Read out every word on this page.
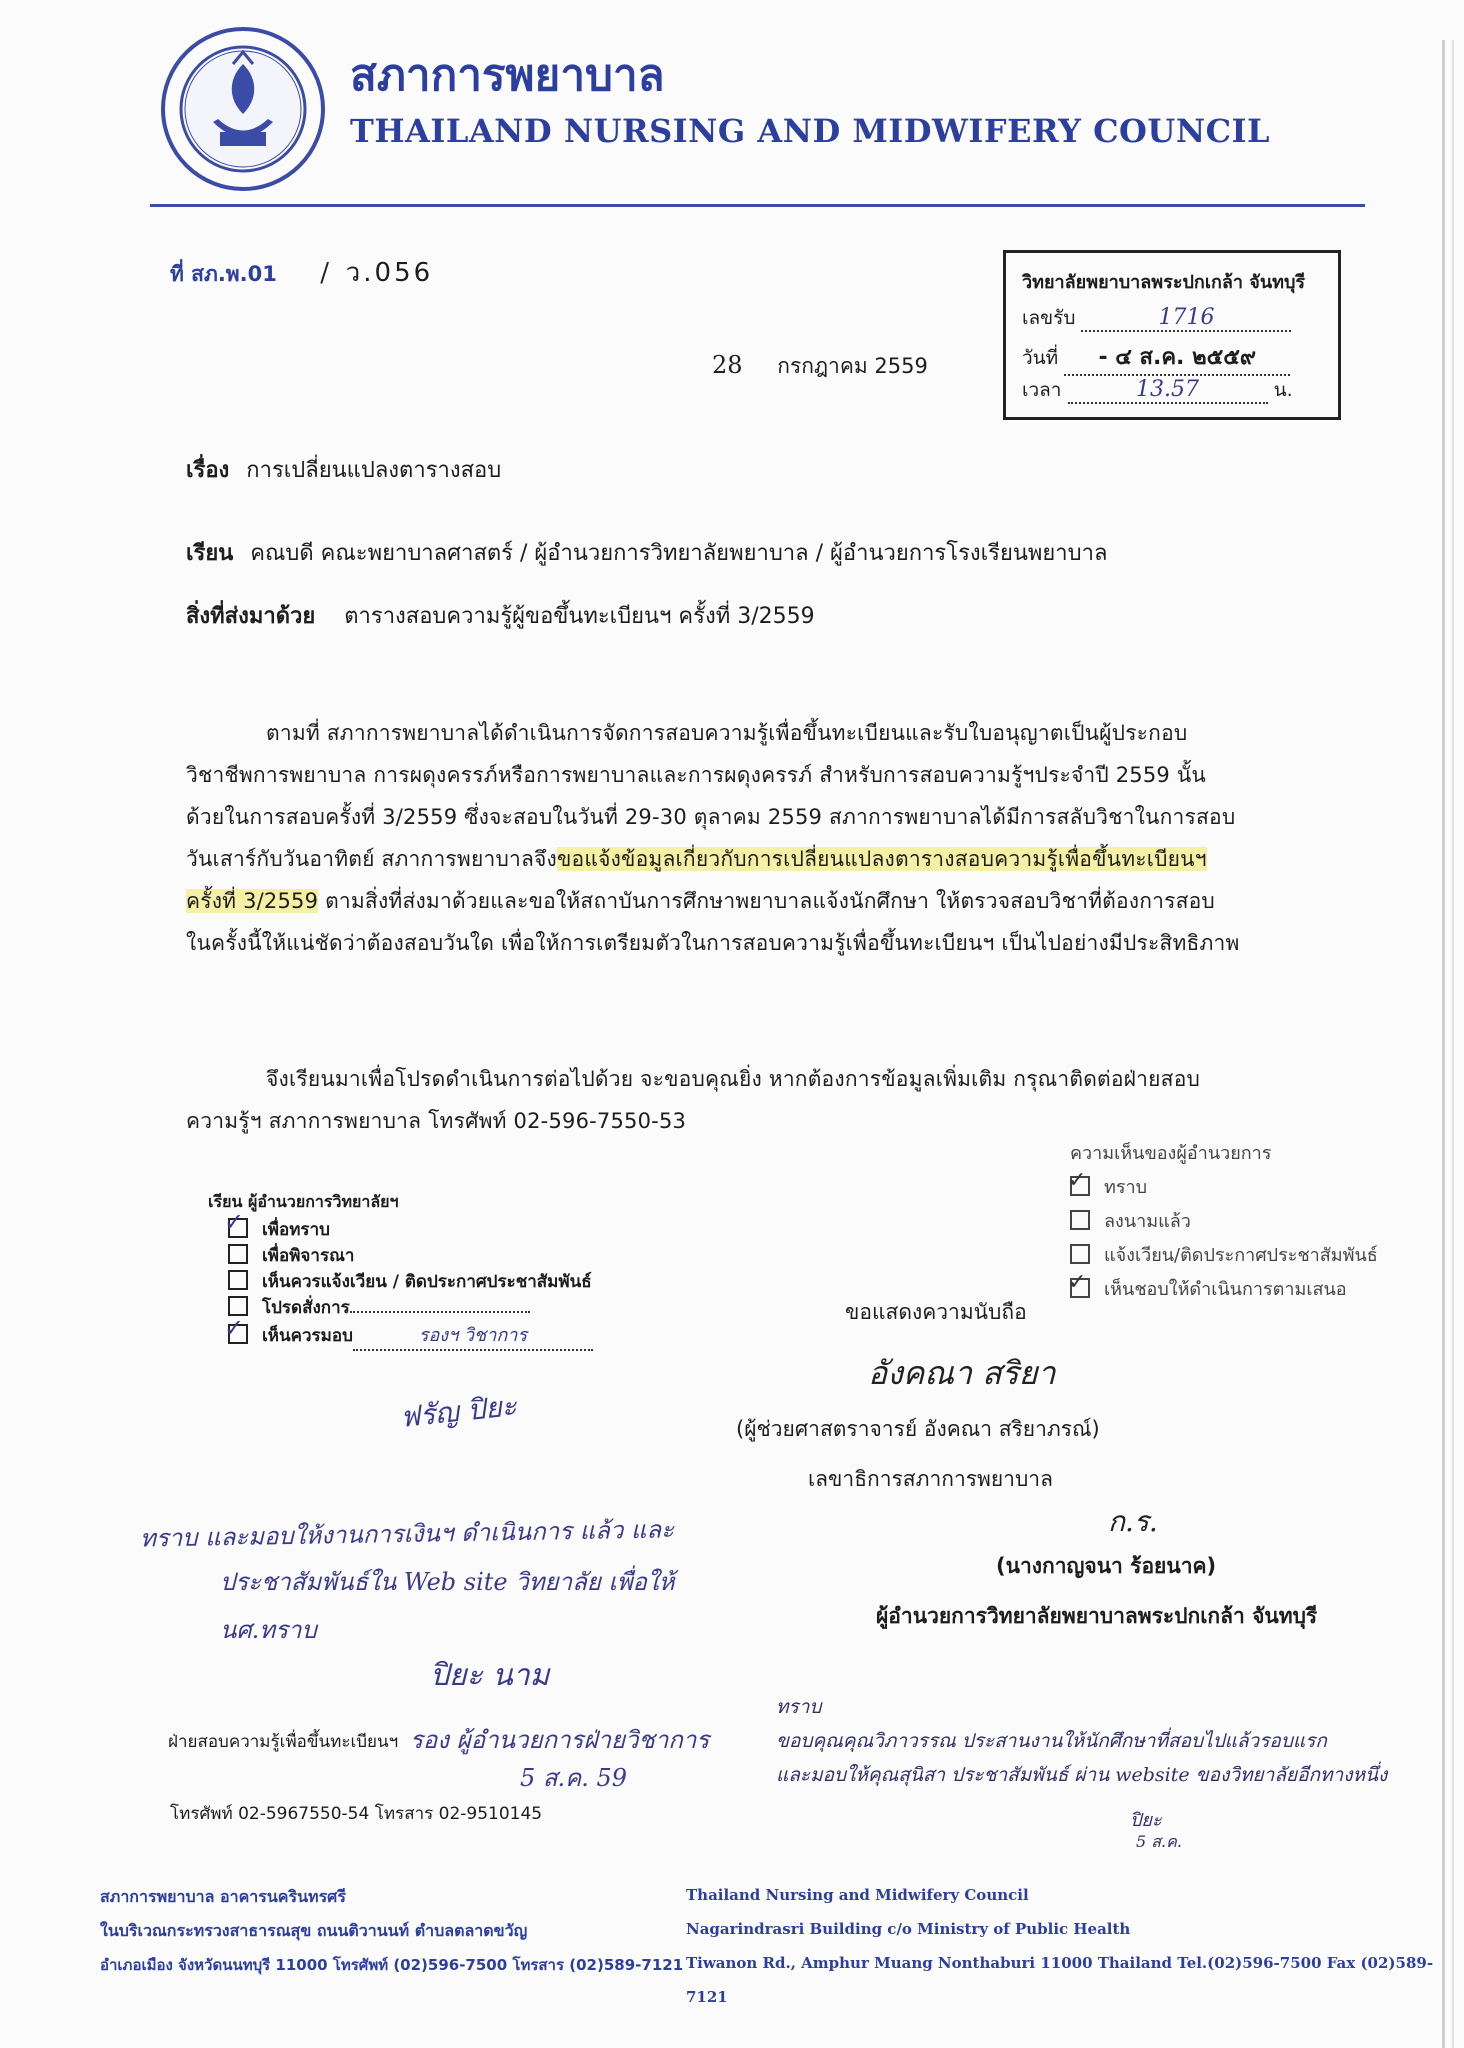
สภาการพยาบาล
THAILAND NURSING AND MIDWIFERY COUNCIL
ที่ สภ.พ.01 / ว.056	วิทยาลัยพยาบาลพระปกเกล้า จันทบุรี
เลขรับ	1716
วันที่ - ๔ ส.ค. ๒๕๕๙
เวลา	13.57	น.
28 กรกฎาคม 2559
เรื่อง การเปลี่ยนแปลงตารางสอบ
เรียน คณบดี คณะพยาบาลศาสตร์ / ผู้อำนวยการวิทยาลัยพยาบาล / ผู้อำนวยการโรงเรียนพยาบาล
สิ่งที่ส่งมาด้วย ตารางสอบความรู้ผู้ขอขึ้นทะเบียนฯ ครั้งที่ 3/2559
ตามที่ สภาการพยาบาลได้ดำเนินการจัดการสอบความรู้เพื่อขึ้นทะเบียนและรับใบอนุญาตเป็นผู้ประกอบ
วิชาชีพการพยาบาล การผดุงครรภ์หรือการพยาบาลและการผดุงครรภ์ สำหรับการสอบความรู้ฯประจำปี 2559 นั้น
ด้วยในการสอบครั้งที่ 3/2559 ซึ่งจะสอบในวันที่ 29-30 ตุลาคม 2559 สภาการพยาบาลได้มีการสลับวิชาในการสอบ
วันเสาร์กับวันอาทิตย์ สภาการพยาบาลจึงขอแจ้งข้อมูลเกี่ยวกับการเปลี่ยนแปลงตารางสอบความรู้เพื่อขึ้นทะเบียนฯ
ครั้งที่ 3/2559 ตามสิ่งที่ส่งมาด้วยและขอให้สถาบันการศึกษาพยาบาลแจ้งนักศึกษา ให้ตรวจสอบวิชาที่ต้องการสอบ
ในครั้งนี้ให้แน่ชัดว่าต้องสอบวันใด เพื่อให้การเตรียมตัวในการสอบความรู้เพื่อขึ้นทะเบียนฯ เป็นไปอย่างมีประสิทธิภาพ
จึงเรียนมาเพื่อโปรดดำเนินการต่อไปด้วย จะขอบคุณยิ่ง หากต้องการข้อมูลเพิ่มเติม กรุณาติดต่อฝ่ายสอบ
ความรู้ฯ สภาการพยาบาล โทรศัพท์ 02-596-7550-53
ความเห็นของผู้อำนวยการ
✓ ทราบ
ลงนามแล้ว
แจ้งเวียน/ติดประกาศประชาสัมพันธ์
✓ เห็นชอบให้ดำเนินการตามเสนอ
เรียน ผู้อำนวยการวิทยาลัยฯ
✓ เพื่อทราบ
เพื่อพิจารณา
เห็นควรแจ้งเวียน / ติดประกาศประชาสัมพันธ์
โปรดสั่งการ
✓ เห็นควรมอบ	รองฯ วิชาการ
ฟรัญ ปิยะ
ขอแสดงความนับถือ
อังคณา สริยา
(ผู้ช่วยศาสตราจารย์ อังคณา สริยาภรณ์)
เลขาธิการสภาการพยาบาล
ทราบ และมอบให้งานการเงินฯ ดำเนินการ แล้ว และ
ประชาสัมพันธ์ใน Web site วิทยาลัย เพื่อให้
นศ.ทราบ
ก.ร.
(นางกาญจนา ร้อยนาค)
ผู้อำนวยการวิทยาลัยพยาบาลพระปกเกล้า จันทบุรี
ปิยะ นาม
ฝ่ายสอบความรู้เพื่อขึ้นทะเบียนฯ รอง ผู้อำนวยการฝ่ายวิชาการ
5 ส.ค. 59
โทรศัพท์ 02-5967550-54 โทรสาร 02-9510145
ทราบ
ขอบคุณคุณวิภาวรรณ ประสานงานให้นักศึกษาที่สอบไปแล้วรอบแรก
และมอบให้คุณสุนิสา ประชาสัมพันธ์ ผ่าน website ของวิทยาลัยอีกทางหนึ่ง
ปิยะ
5 ส.ค.
สภาการพยาบาล อาคารนครินทรศรี
ในบริเวณกระทรวงสาธารณสุข ถนนติวานนท์ ตำบลตลาดขวัญ
อำเภอเมือง จังหวัดนนทบุรี 11000 โทรศัพท์ (02)596-7500 โทรสาร (02)589-7121
Thailand Nursing and Midwifery Council
Nagarindrasri Building c/o Ministry of Public Health
Tiwanon Rd., Amphur Muang Nonthaburi 11000 Thailand Tel.(02)596-7500 Fax (02)589-7121
